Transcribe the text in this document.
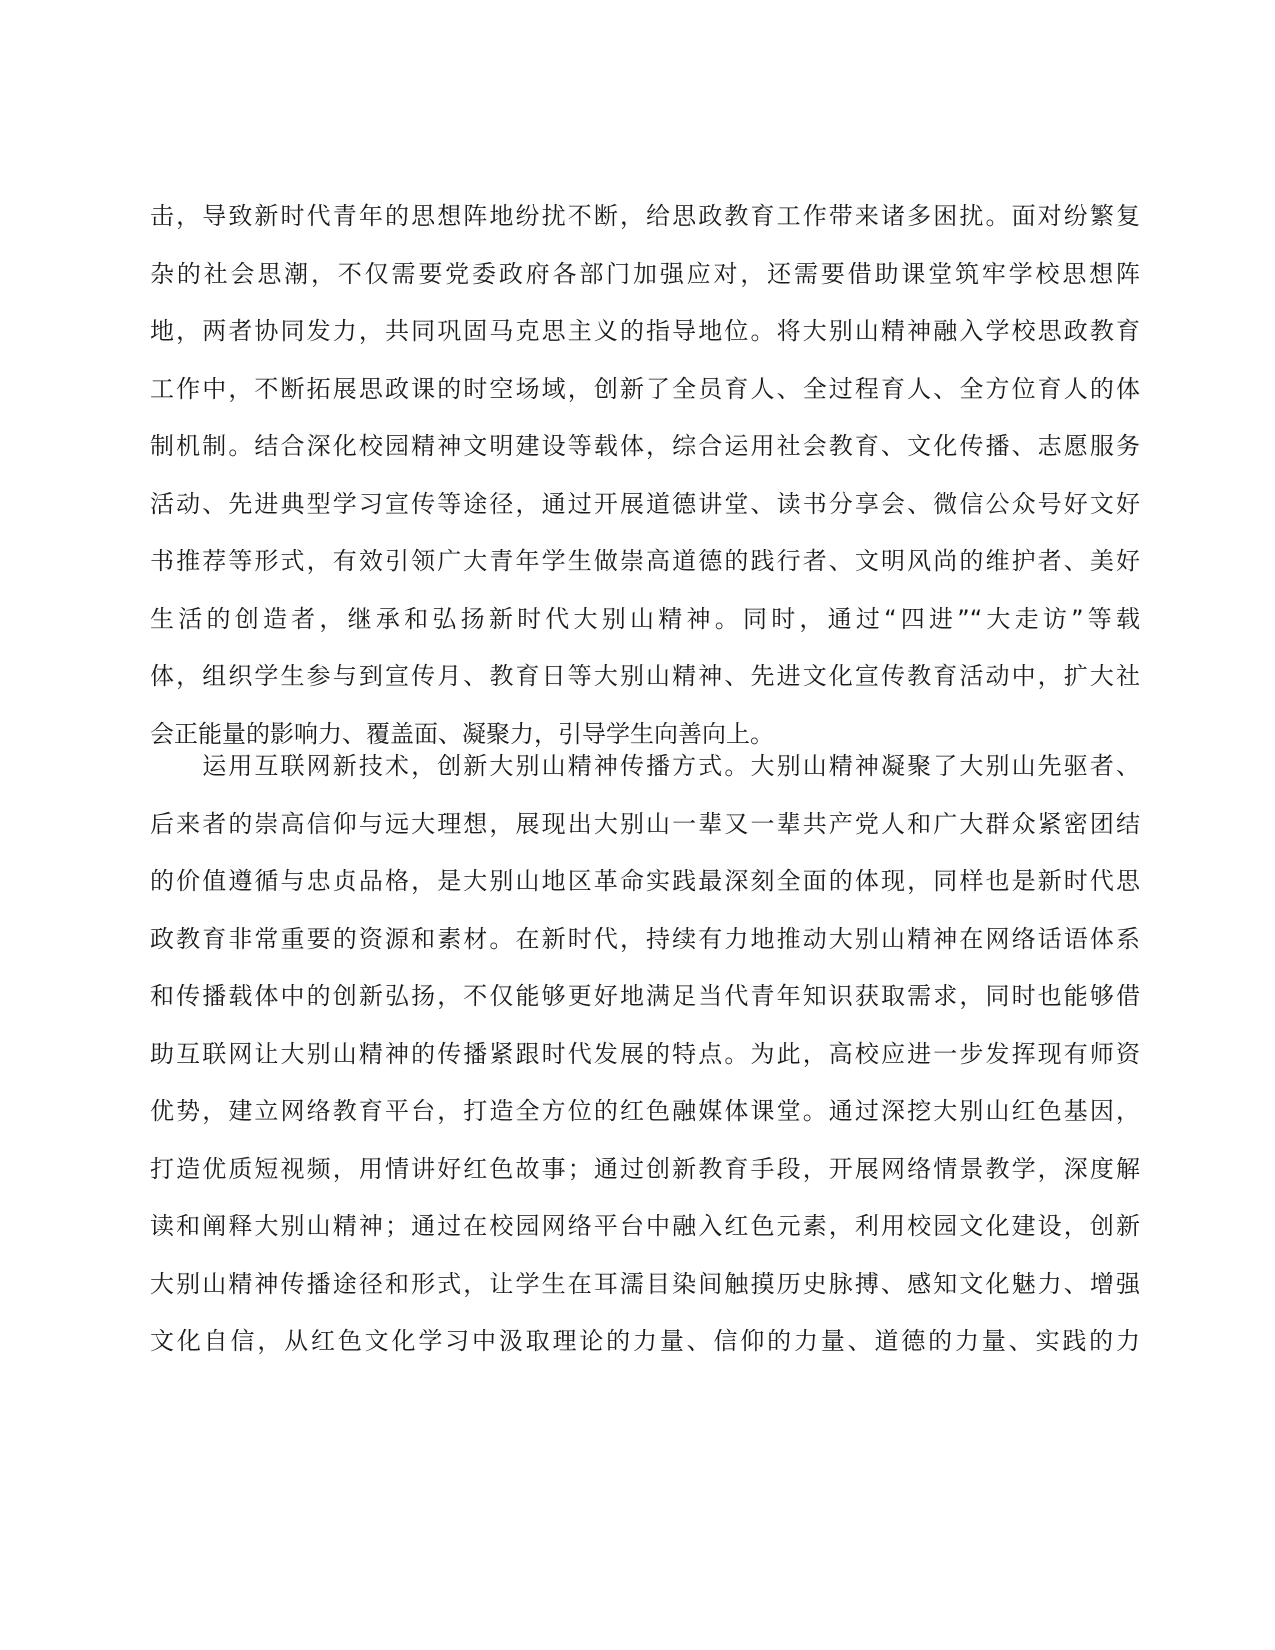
击，导致新时代青年的思想阵地纷扰不断，给思政教育工作带来诸多困扰。面对纷繁复
杂的社会思潮，不仅需要党委政府各部门加强应对，还需要借助课堂筑牢学校思想阵
地，两者协同发力，共同巩固马克思主义的指导地位。将大别山精神融入学校思政教育
工作中，不断拓展思政课的时空场域，创新了全员育人、全过程育人、全方位育人的体
制机制。结合深化校园精神文明建设等载体，综合运用社会教育、文化传播、志愿服务
活动、先进典型学习宣传等途径，通过开展道德讲堂、读书分享会、微信公众号好文好
书推荐等形式，有效引领广大青年学生做崇高道德的践行者、文明风尚的维护者、美好
生活的创造者，继承和弘扬新时代大别山精神。同时，通过“四进”“大走访”等载
体，组织学生参与到宣传月、教育日等大别山精神、先进文化宣传教育活动中，扩大社
会正能量的影响力、覆盖面、凝聚力，引导学生向善向上。
　　运用互联网新技术，创新大别山精神传播方式。大别山精神凝聚了大别山先驱者、
后来者的崇高信仰与远大理想，展现出大别山一辈又一辈共产党人和广大群众紧密团结
的价值遵循与忠贞品格，是大别山地区革命实践最深刻全面的体现，同样也是新时代思
政教育非常重要的资源和素材。在新时代，持续有力地推动大别山精神在网络话语体系
和传播载体中的创新弘扬，不仅能够更好地满足当代青年知识获取需求，同时也能够借
助互联网让大别山精神的传播紧跟时代发展的特点。为此，高校应进一步发挥现有师资
优势，建立网络教育平台，打造全方位的红色融媒体课堂。通过深挖大别山红色基因，
打造优质短视频，用情讲好红色故事；通过创新教育手段，开展网络情景教学，深度解
读和阐释大别山精神；通过在校园网络平台中融入红色元素，利用校园文化建设，创新
大别山精神传播途径和形式，让学生在耳濡目染间触摸历史脉搏、感知文化魅力、增强
文化自信，从红色文化学习中汲取理论的力量、信仰的力量、道德的力量、实践的力
